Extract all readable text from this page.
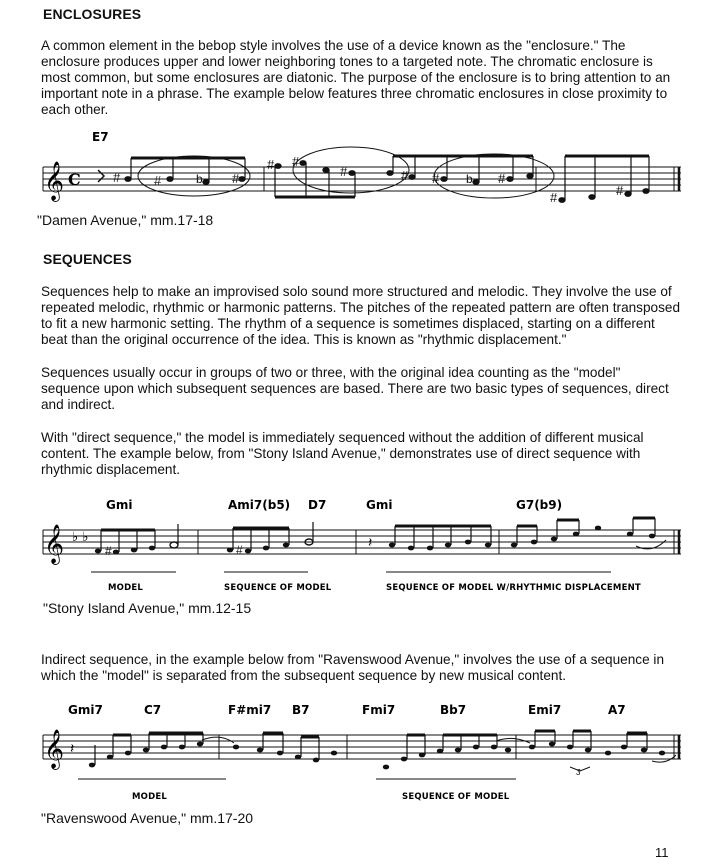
ENCLOSURES

A common element in the bebop style involves the use of a device known as the "enclosure." The enclosure produces upper and lower neighboring tones to a targeted note. The chromatic enclosure is most common, but some enclosures are diatonic. The purpose of the enclosure is to bring attention to an important note in a phrase. The example below features three chromatic enclosures in close proximity to each other.

E7
𝄞 C #	#	b #
# #
#	# # b #
#	#
"Damen Avenue," mm.17-18
SEQUENCES

Sequences help to make an improvised solo sound more structured and melodic. They involve the use of repeated melodic, rhythmic or harmonic patterns. The pitches of the repeated pattern are often transposed to fit a new harmonic setting. The rhythm of a sequence is sometimes displaced, starting on a different beat than the original occurrence of the idea. This is known as "rhythmic displacement."

Sequences usually occur in groups of two or three, with the original idea counting as the "model" sequence upon which subsequent sequences are based. There are two basic types of sequences, direct and indirect.

With "direct sequence," the model is immediately sequenced without the addition of different musical content. The example below, from "Stony Island Avenue," demonstrates use of direct sequence with rhythmic displacement.

Gmi	Ami7(b5) D7	Gmi	G7(b9)
𝄞 ♭ ♭
#	#	𝄽
MODEL	SEQUENCE OF MODEL	SEQUENCE OF MODEL W/RHYTHMIC DISPLACEMENT
"Stony Island Avenue," mm.12-15

Indirect sequence, in the example below from "Ravenswood Avenue," involves the use of a sequence in which the "model" is separated from the subsequent sequence by new musical content.

Gmi7	C7	F#mi7 B7	Fmi7	Bb7	Emi7	A7
𝄞 𝄽
3
MODEL	SEQUENCE OF MODEL
"Ravenswood Avenue," mm.17-20
11
